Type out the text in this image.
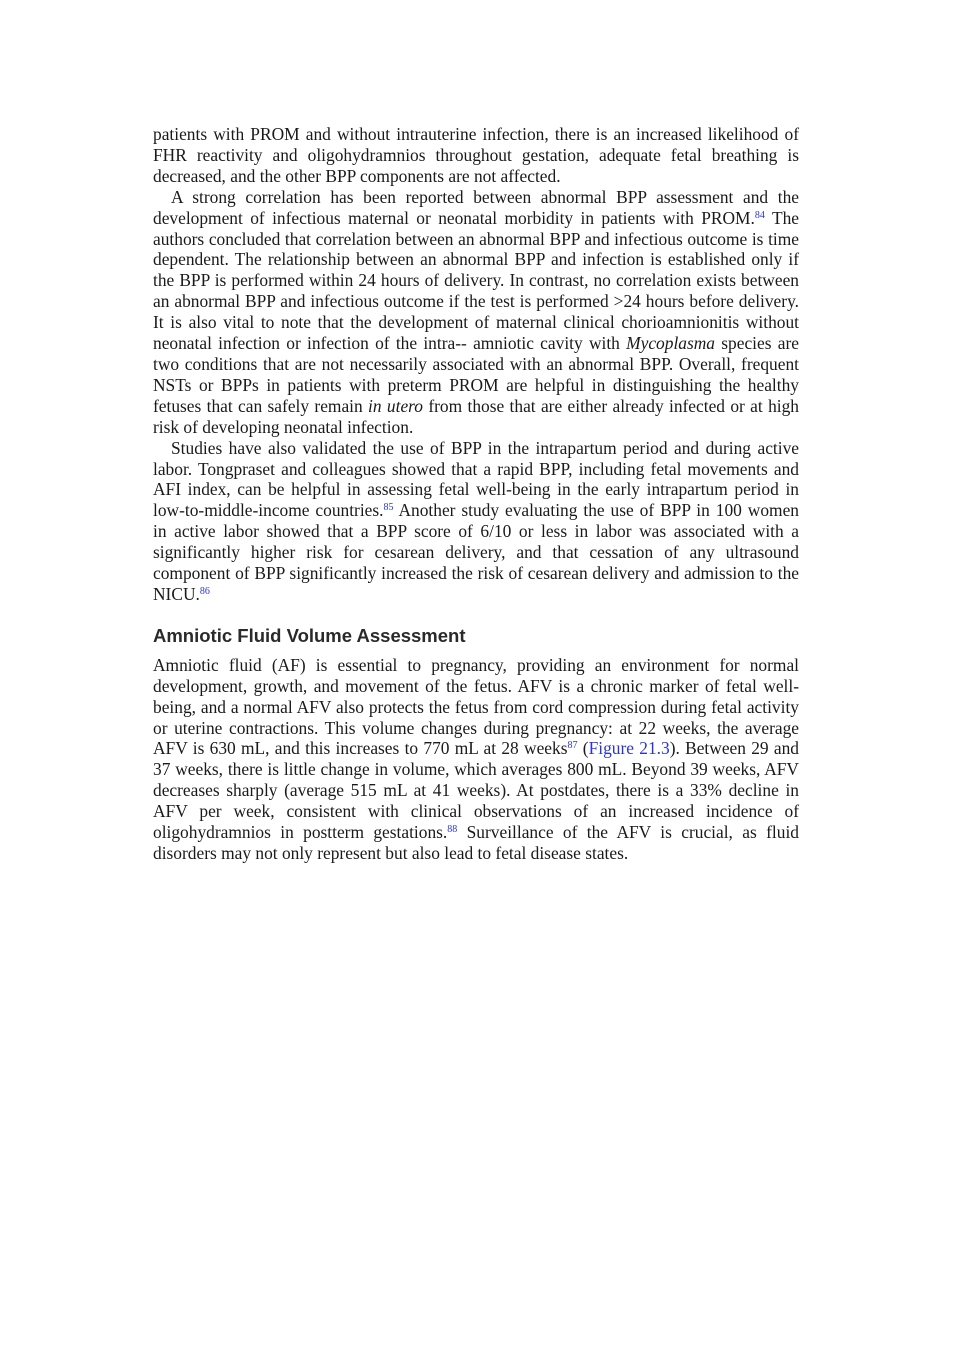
patients with PROM and without intrauterine infection, there is an increased likelihood of FHR reactivity and oligohydramnios throughout gestation, adequate fetal breathing is decreased, and the other BPP components are not affected.

A strong correlation has been reported between abnormal BPP assessment and the development of infectious maternal or neonatal morbidity in patients with PROM.$^{84}$ The authors concluded that correlation between an abnormal BPP and infectious outcome is time dependent. The relationship between an abnormal BPP and infection is established only if the BPP is performed within 24 hours of delivery. In contrast, no correlation exists between an abnormal BPP and infectious outcome if the test is performed >24 hours before delivery. It is also vital to note that the development of maternal clinical chorioamnionitis without neonatal infection or infection of the intra-- amniotic cavity with Mycoplasma species are two conditions that are not necessarily associated with an abnormal BPP. Overall, frequent NSTs or BPPs in patients with preterm PROM are helpful in distinguishing the healthy fetuses that can safely remain in utero from those that are either already infected or at high risk of developing neonatal infection.

Studies have also validated the use of BPP in the intrapartum period and during active labor. Tongpraset and colleagues showed that a rapid BPP, including fetal movements and AFI index, can be helpful in assessing fetal well-being in the early intrapartum period in low-to-middle-income countries.$^{85}$ Another study evaluating the use of BPP in 100 women in active labor showed that a BPP score of 6/10 or less in labor was associated with a significantly higher risk for cesarean delivery, and that cessation of any ultrasound component of BPP significantly increased the risk of cesarean delivery and admission to the NICU.$^{86}$

Amniotic Fluid Volume Assessment

Amniotic fluid (AF) is essential to pregnancy, providing an environment for normal development, growth, and movement of the fetus. AFV is a chronic marker of fetal well-being, and a normal AFV also protects the fetus from cord compression during fetal activity or uterine contractions. This volume changes during pregnancy: at 22 weeks, the average AFV is 630 mL, and this increases to 770 mL at 28 weeks$^{87}$ (Figure 21.3). Between 29 and 37 weeks, there is little change in volume, which averages 800 mL. Beyond 39 weeks, AFV decreases sharply (average 515 mL at 41 weeks). At postdates, there is a 33% decline in AFV per week, consistent with clinical observations of an increased incidence of oligohydramnios in postterm gestations.$^{88}$ Surveillance of the AFV is crucial, as fluid disorders may not only represent but also lead to fetal disease states.
